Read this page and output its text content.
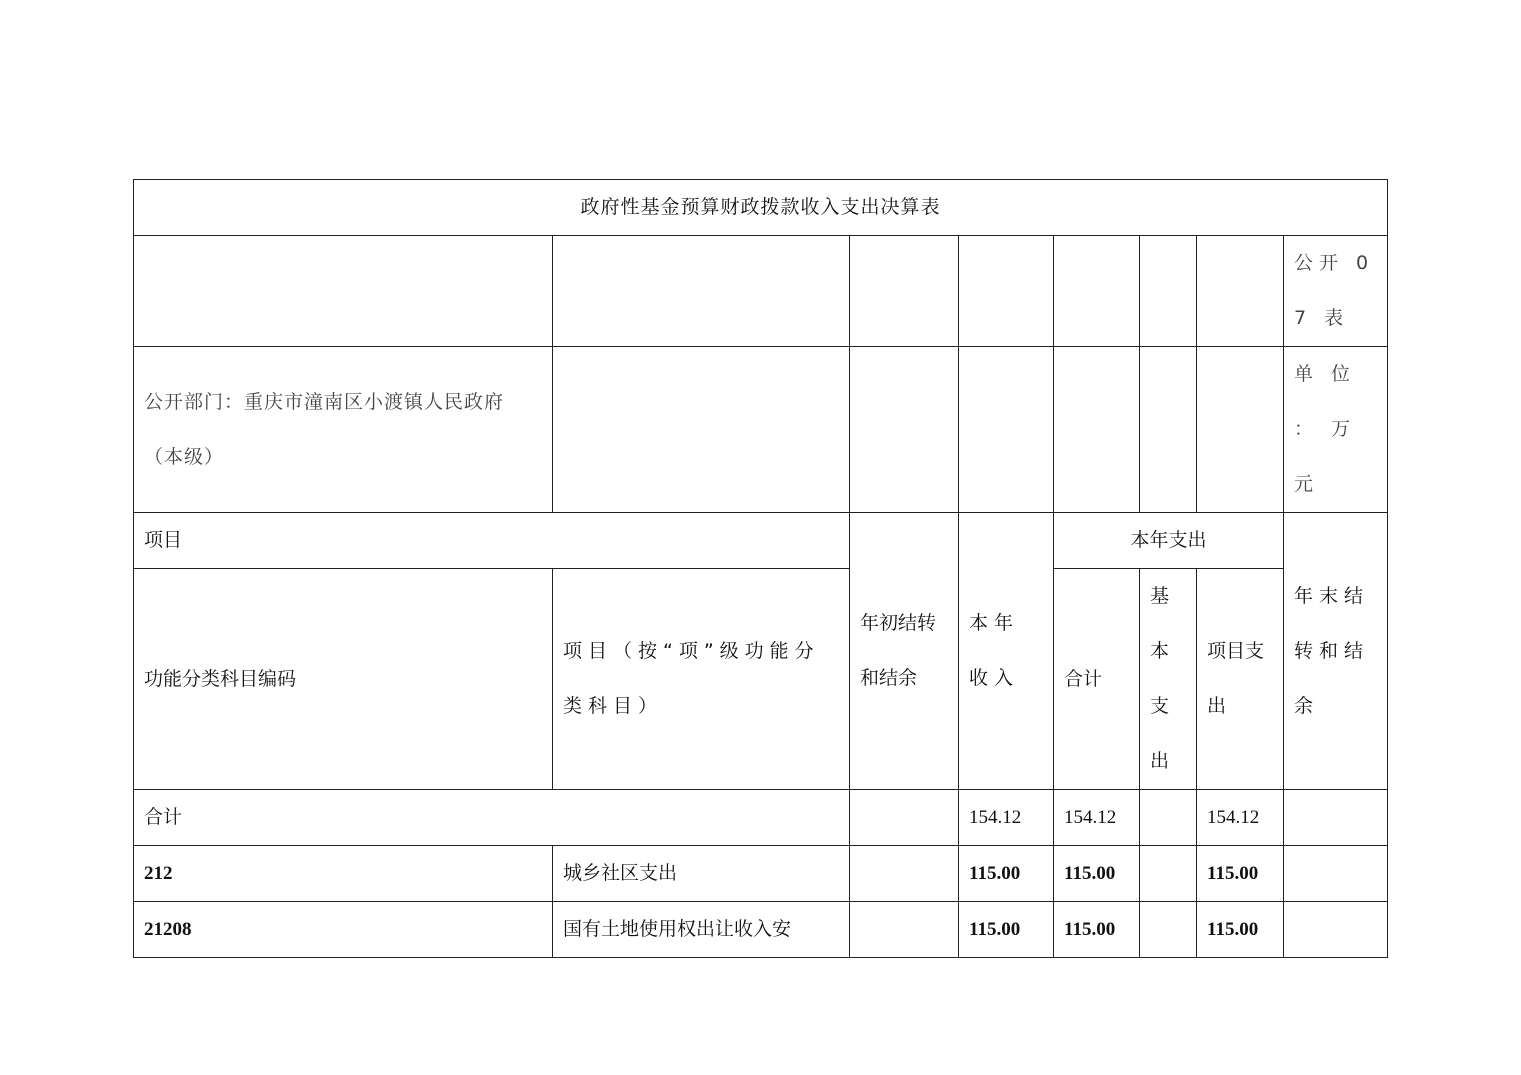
政府性基金预算财政拨款收入支出决算表							
							公开 07 表
公开部门：重庆市潼南区小渡镇人民政府（本级）							单 位 ： 万元
项目		年初结转和结余	本年收入	本年支出			年末结转和结余
功能分类科目编码	项目（按“项”级功能分类科目）			合计	基本支出	项目支出	
合计			154.12	154.12		154.12	
212	城乡社区支出		115.00	115.00		115.00	
21208	国有土地使用权出让收入安		115.00	115.00		115.00	
